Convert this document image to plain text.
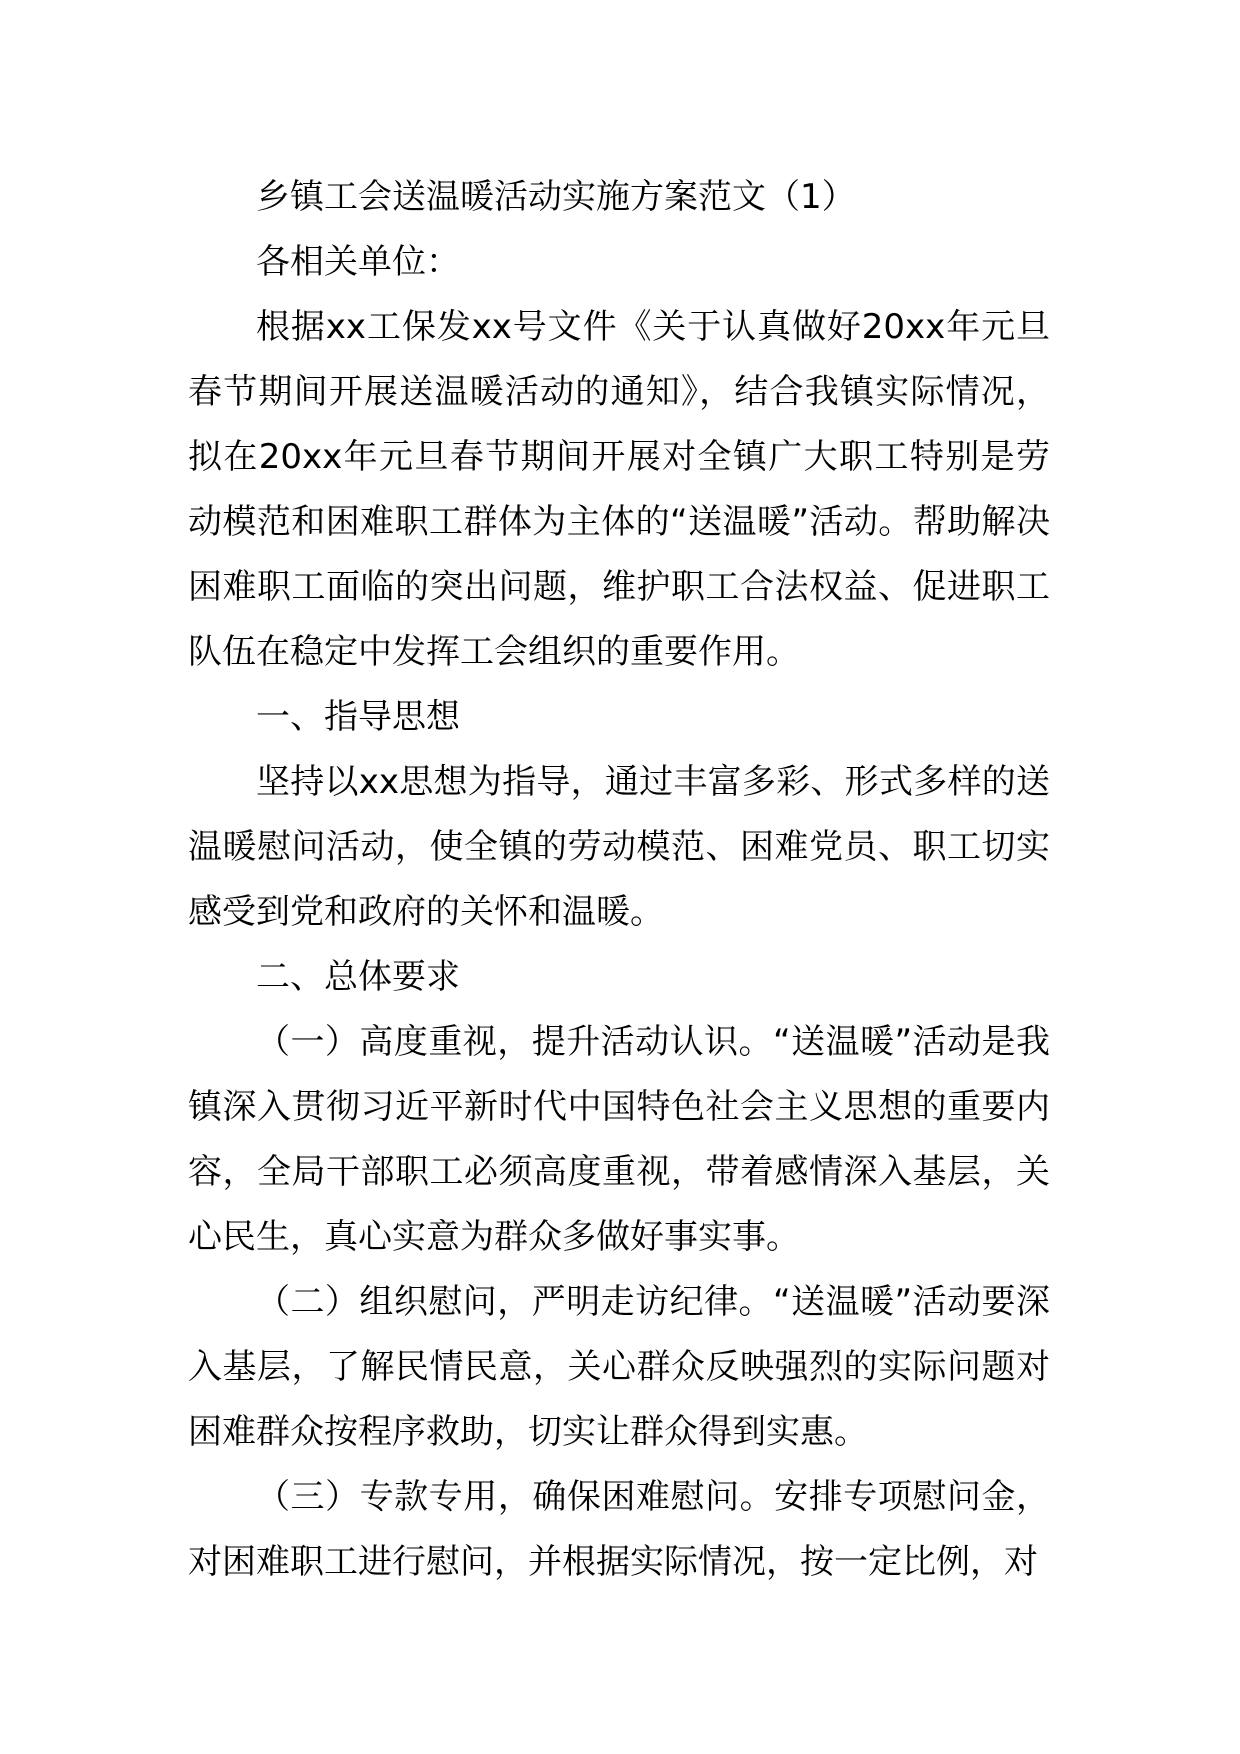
乡镇工会送温暖活动实施方案范文（1）

各相关单位：

根据xx工保发xx号文件《关于认真做好20xx年元旦春节期间开展送温暖活动的通知》，结合我镇实际情况，拟在20xx年元旦春节期间开展对全镇广大职工特别是劳动模范和困难职工群体为主体的“送温暖”活动。帮助解决困难职工面临的突出问题，维护职工合法权益、促进职工队伍在稳定中发挥工会组织的重要作用。

一、指导思想

坚持以xx思想为指导，通过丰富多彩、形式多样的送温暖慰问活动，使全镇的劳动模范、困难党员、职工切实感受到党和政府的关怀和温暖。

二、总体要求

（一）高度重视，提升活动认识。“送温暖”活动是我镇深入贯彻习近平新时代中国特色社会主义思想的重要内容，全局干部职工必须高度重视，带着感情深入基层，关心民生，真心实意为群众多做好事实事。

（二）组织慰问，严明走访纪律。“送温暖”活动要深入基层，了解民情民意，关心群众反映强烈的实际问题对困难群众按程序救助，切实让群众得到实惠。

（三）专款专用，确保困难慰问。安排专项慰问金，对困难职工进行慰问，并根据实际情况，按一定比例，对
